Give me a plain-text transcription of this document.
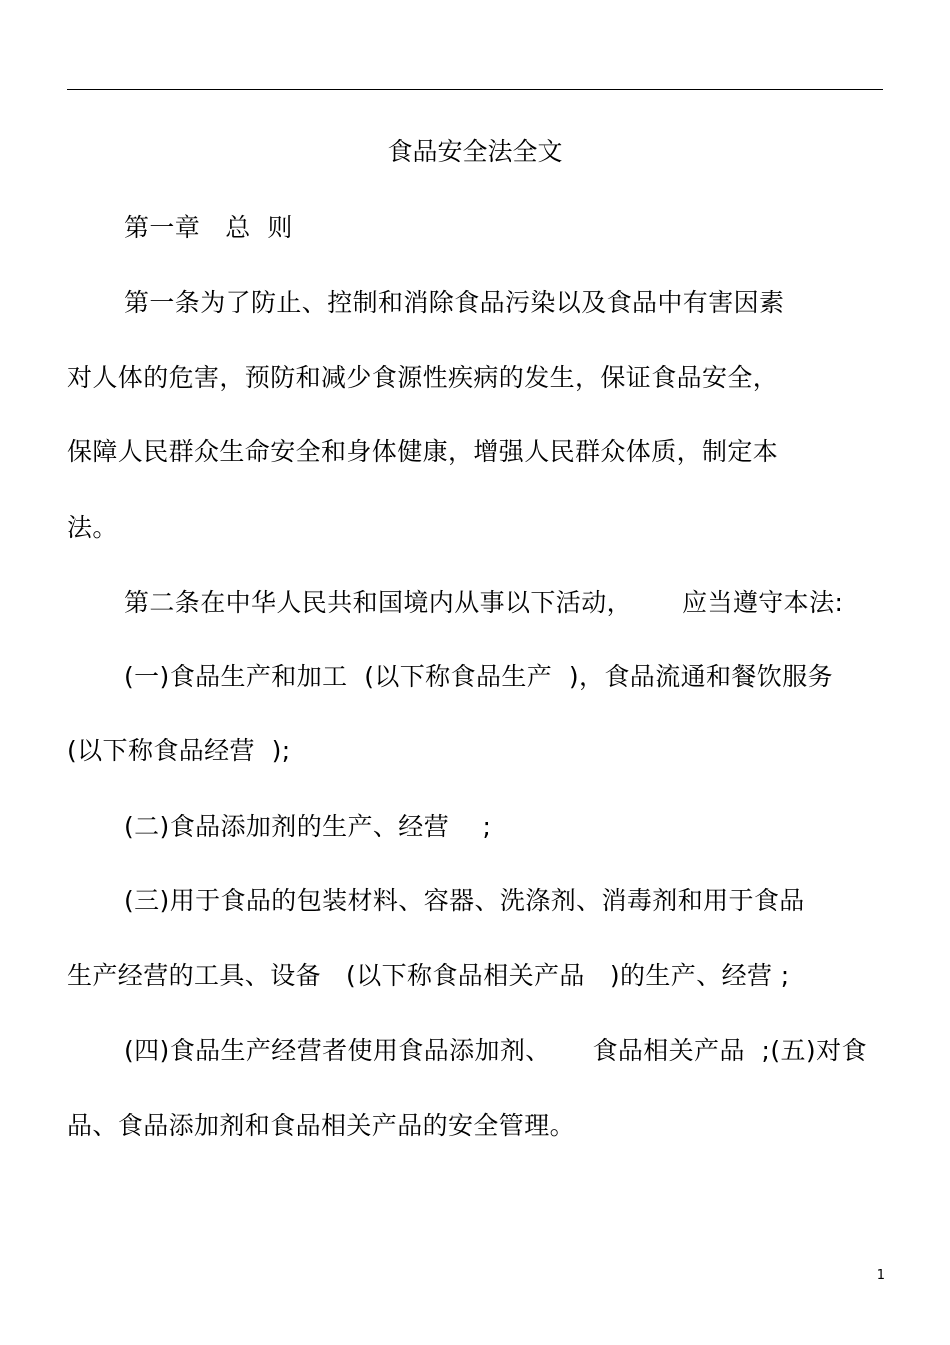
食品安全法全文
第一章   总  则
第一条为了防止、控制和消除食品污染以及食品中有害因素
对人体的危害，预防和减少食源性疾病的发生，保证食品安全，
保障人民群众生命安全和身体健康，增强人民群众体质，制定本
法。
第二条在中华人民共和国境内从事以下活动，      应当遵守本法:
(一)食品生产和加工  (以下称食品生产  )，食品流通和餐饮服务
(以下称食品经营  );
(二)食品添加剂的生产、经营    ;
(三)用于食品的包装材料、容器、洗涤剂、消毒剂和用于食品
生产经营的工具、设备   (以下称食品相关产品   )的生产、经营 ;
(四)食品生产经营者使用食品添加剂、     食品相关产品  ;(五)对食
品、食品添加剂和食品相关产品的安全管理。
1
